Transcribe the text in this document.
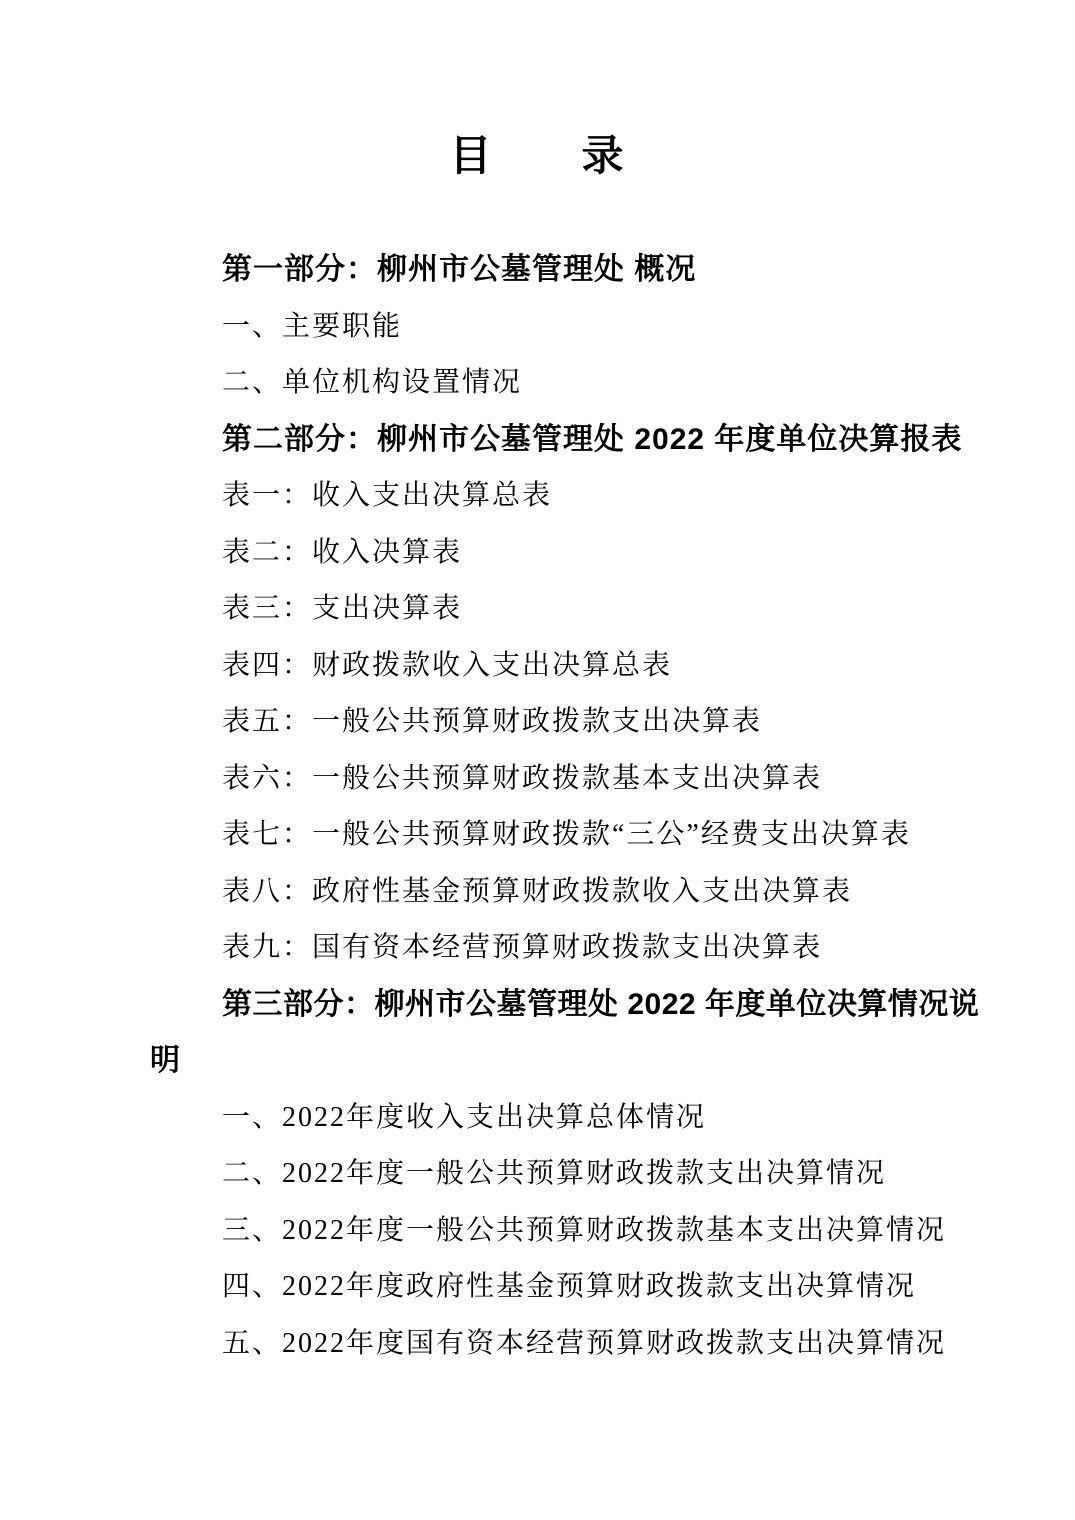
目　　录

第一部分：柳州市公墓管理处 概况

一、主要职能

二、单位机构设置情况

第二部分：柳州市公墓管理处 2022 年度单位决算报表

表一：收入支出决算总表

表二：收入决算表

表三：支出决算表

表四：财政拨款收入支出决算总表

表五：一般公共预算财政拨款支出决算表

表六：一般公共预算财政拨款基本支出决算表

表七：一般公共预算财政拨款“三公”经费支出决算表

表八：政府性基金预算财政拨款收入支出决算表

表九：国有资本经营预算财政拨款支出决算表

第三部分：柳州市公墓管理处 2022 年度单位决算情况说
明

一、2022年度收入支出决算总体情况

二、2022年度一般公共预算财政拨款支出决算情况

三、2022年度一般公共预算财政拨款基本支出决算情况

四、2022年度政府性基金预算财政拨款支出决算情况

五、2022年度国有资本经营预算财政拨款支出决算情况
